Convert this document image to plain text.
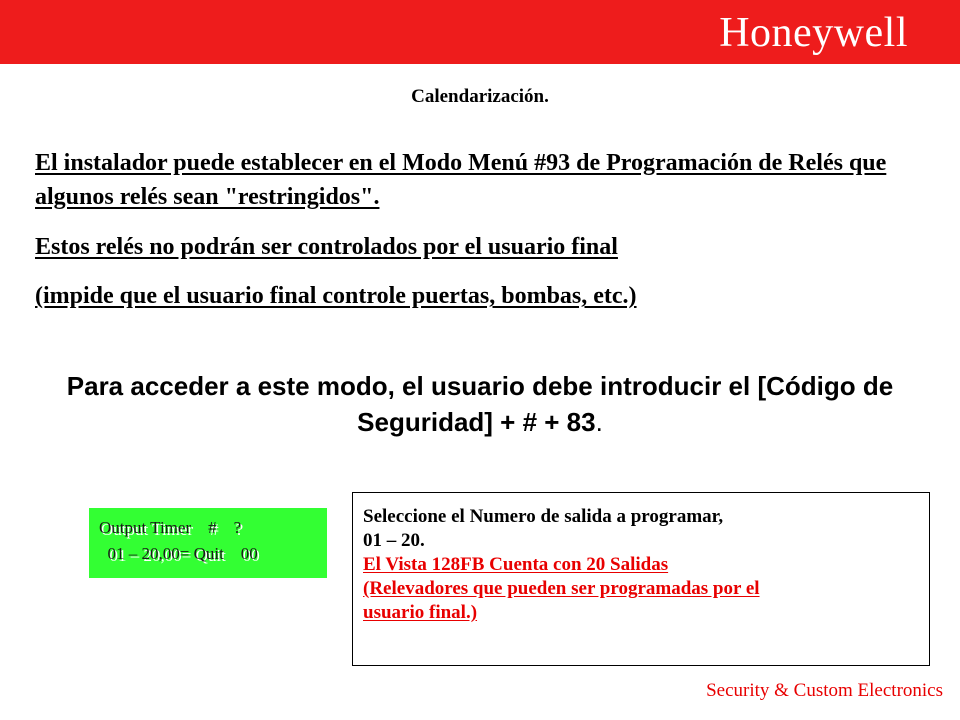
Honeywell
Calendarización.

El instalador puede establecer en el Modo Menú #93 de Programación de Relés que algunos relés sean "restringidos".

Estos relés no podrán ser controlados por el usuario final

(impide que el usuario final controle puertas, bombas, etc.)

Para acceder a este modo, el usuario debe introducir el [Código de Seguridad] + # + 83.
Output Timer    #    ?
01 – 20,00= Quit    00
Seleccione el Numero de salida a programar,
01 – 20.
El Vista 128FB Cuenta con 20 Salidas
(Relevadores que pueden ser programadas por el
usuario final.)
Security & Custom Electronics
